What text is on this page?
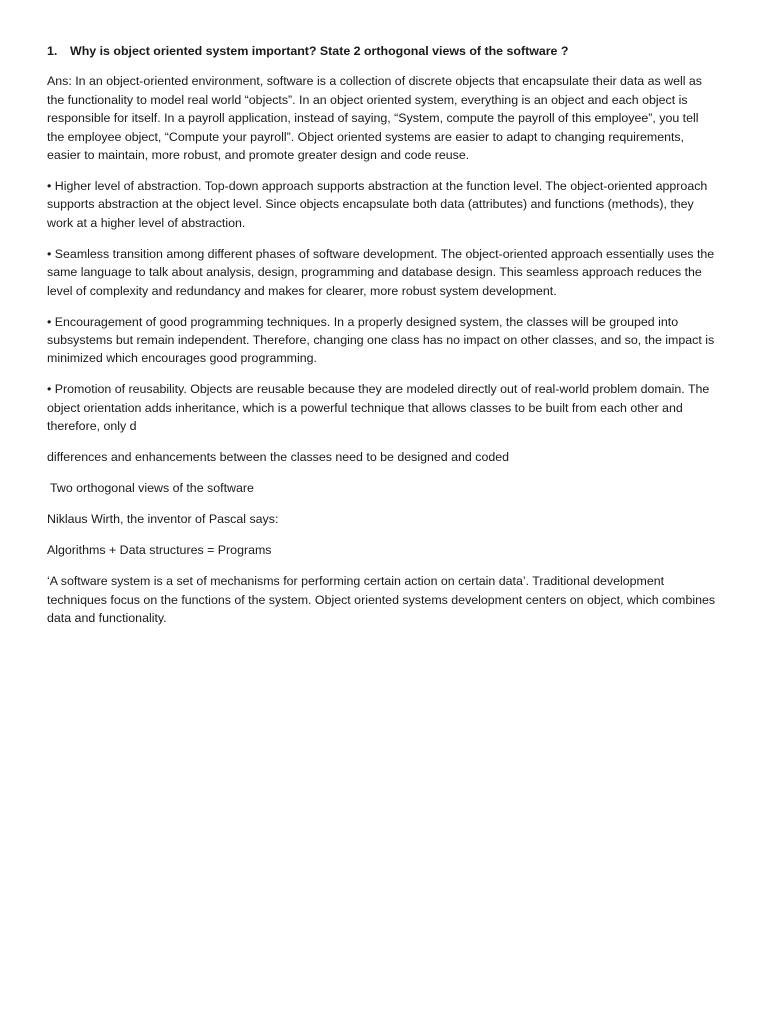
1.	Why is object oriented system important? State 2 orthogonal views of the software ?

Ans: In an object-oriented environment, software is a collection of discrete objects that encapsulate their data as well as the functionality to model real world “objects”. In an object oriented system, everything is an object and each object is responsible for itself. In a payroll application, instead of saying, “System, compute the payroll of this employee”, you tell the employee object, “Compute your payroll”. Object oriented systems are easier to adapt to changing requirements, easier to maintain, more robust, and promote greater design and code reuse.

• Higher level of abstraction. Top-down approach supports abstraction at the function level. The object-oriented approach supports abstraction at the object level. Since objects encapsulate both data (attributes) and functions (methods), they work at a higher level of abstraction.

• Seamless transition among different phases of software development. The object-oriented approach essentially uses the same language to talk about analysis, design, programming and database design. This seamless approach reduces the level of complexity and redundancy and makes for clearer, more robust system development.

• Encouragement of good programming techniques. In a properly designed system, the classes will be grouped into subsystems but remain independent. Therefore, changing one class has no impact on other classes, and so, the impact is minimized which encourages good programming.

• Promotion of reusability. Objects are reusable because they are modeled directly out of real-world problem domain. The object orientation adds inheritance, which is a powerful technique that allows classes to be built from each other and therefore, only d

differences and enhancements between the classes need to be designed and coded

Two orthogonal views of the software

Niklaus Wirth, the inventor of Pascal says:

Algorithms + Data structures = Programs

‘A software system is a set of mechanisms for performing certain action on certain data’. Traditional development techniques focus on the functions of the system. Object oriented systems development centers on object, which combines data and functionality.
